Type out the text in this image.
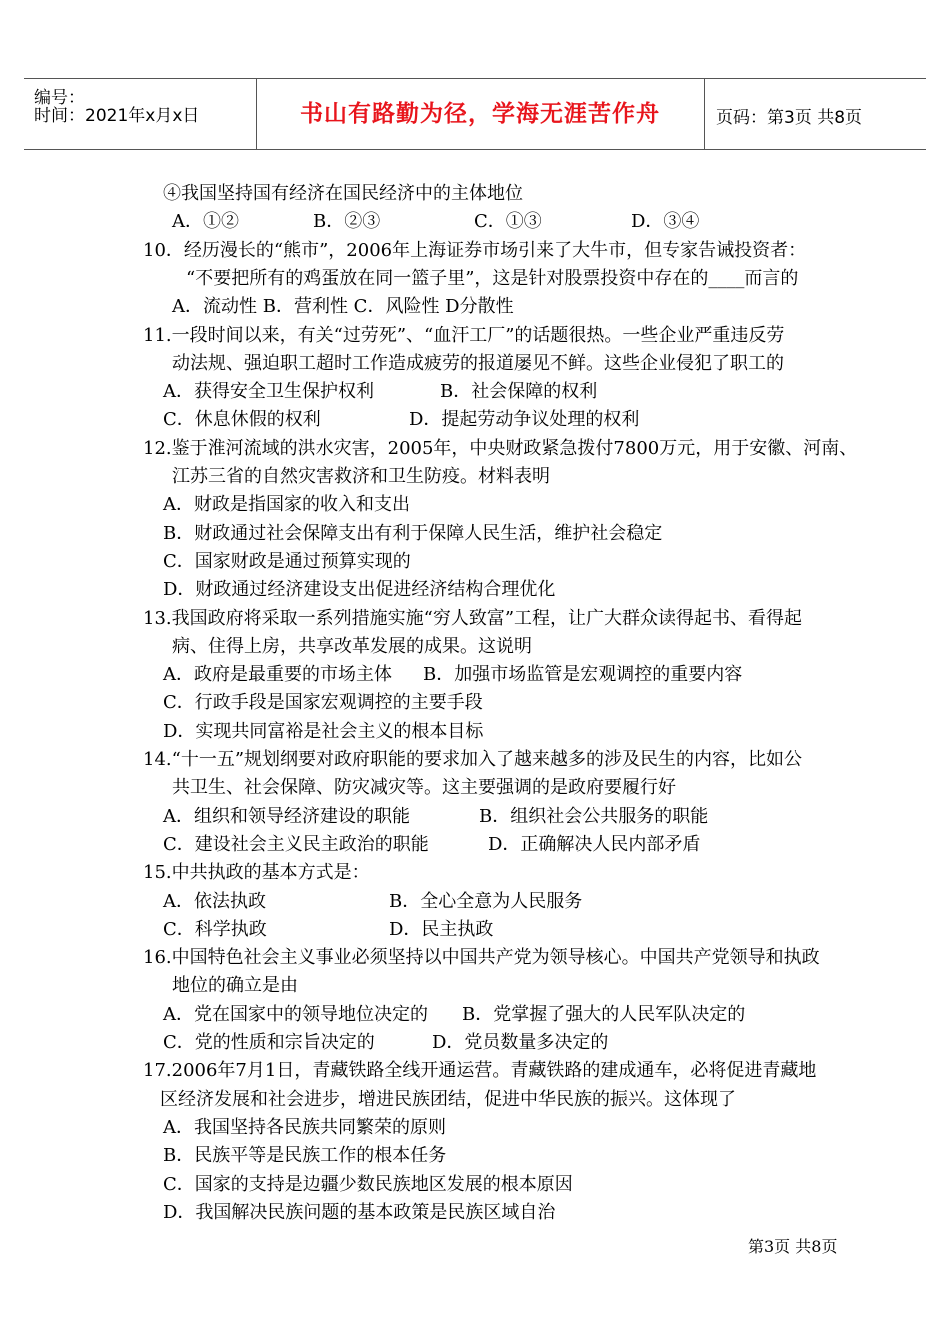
编号：
时间：2021年x月x日	书山有路勤为径，学海无涯苦作舟	页码：第3页 共8页
④我国坚持国有经济在国民经济中的主体地位
A．①②	B．②③	C．①③	D．③④
10．经历漫长的“熊市”，2006年上海证券市场引来了大牛市，但专家告诫投资者：
“不要把所有的鸡蛋放在同一篮子里”，这是针对股票投资中存在的____而言的
A．流动性 B．营利性 C．风险性 D分散性
11.一段时间以来，有关“过劳死”、“血汗工厂”的话题很热。一些企业严重违反劳
动法规、强迫职工超时工作造成疲劳的报道屡见不鲜。这些企业侵犯了职工的
A．获得安全卫生保护权利	B．社会保障的权利
C．休息休假的权利	D．提起劳动争议处理的权利
12.鉴于淮河流域的洪水灾害，2005年，中央财政紧急拨付7800万元，用于安徽、河南、
江苏三省的自然灾害救济和卫生防疫。材料表明
A．财政是指国家的收入和支出
B．财政通过社会保障支出有利于保障人民生活，维护社会稳定
C．国家财政是通过预算实现的
D．财政通过经济建设支出促进经济结构合理优化
13.我国政府将采取一系列措施实施“穷人致富”工程，让广大群众读得起书、看得起
病、住得上房，共享改革发展的成果。这说明
A．政府是最重要的市场主体 B．加强市场监管是宏观调控的重要内容
C．行政手段是国家宏观调控的主要手段
D．实现共同富裕是社会主义的根本目标
14.“十一五”规划纲要对政府职能的要求加入了越来越多的涉及民生的内容，比如公
共卫生、社会保障、防灾减灾等。这主要强调的是政府要履行好
A．组织和领导经济建设的职能	B．组织社会公共服务的职能
C．建设社会主义民主政治的职能	D．正确解决人民内部矛盾
15.中共执政的基本方式是：
A．依法执政	B．全心全意为人民服务
C．科学执政	D．民主执政
16.中国特色社会主义事业必须坚持以中国共产党为领导核心。中国共产党领导和执政
地位的确立是由
A．党在国家中的领导地位决定的 B．党掌握了强大的人民军队决定的
C．党的性质和宗旨决定的	D．党员数量多决定的
17.2006年7月1日，青藏铁路全线开通运营。青藏铁路的建成通车，必将促进青藏地
区经济发展和社会进步，增进民族团结，促进中华民族的振兴。这体现了
A．我国坚持各民族共同繁荣的原则
B．民族平等是民族工作的根本任务
C．国家的支持是边疆少数民族地区发展的根本原因
D．我国解决民族问题的基本政策是民族区域自治
第3页 共8页
